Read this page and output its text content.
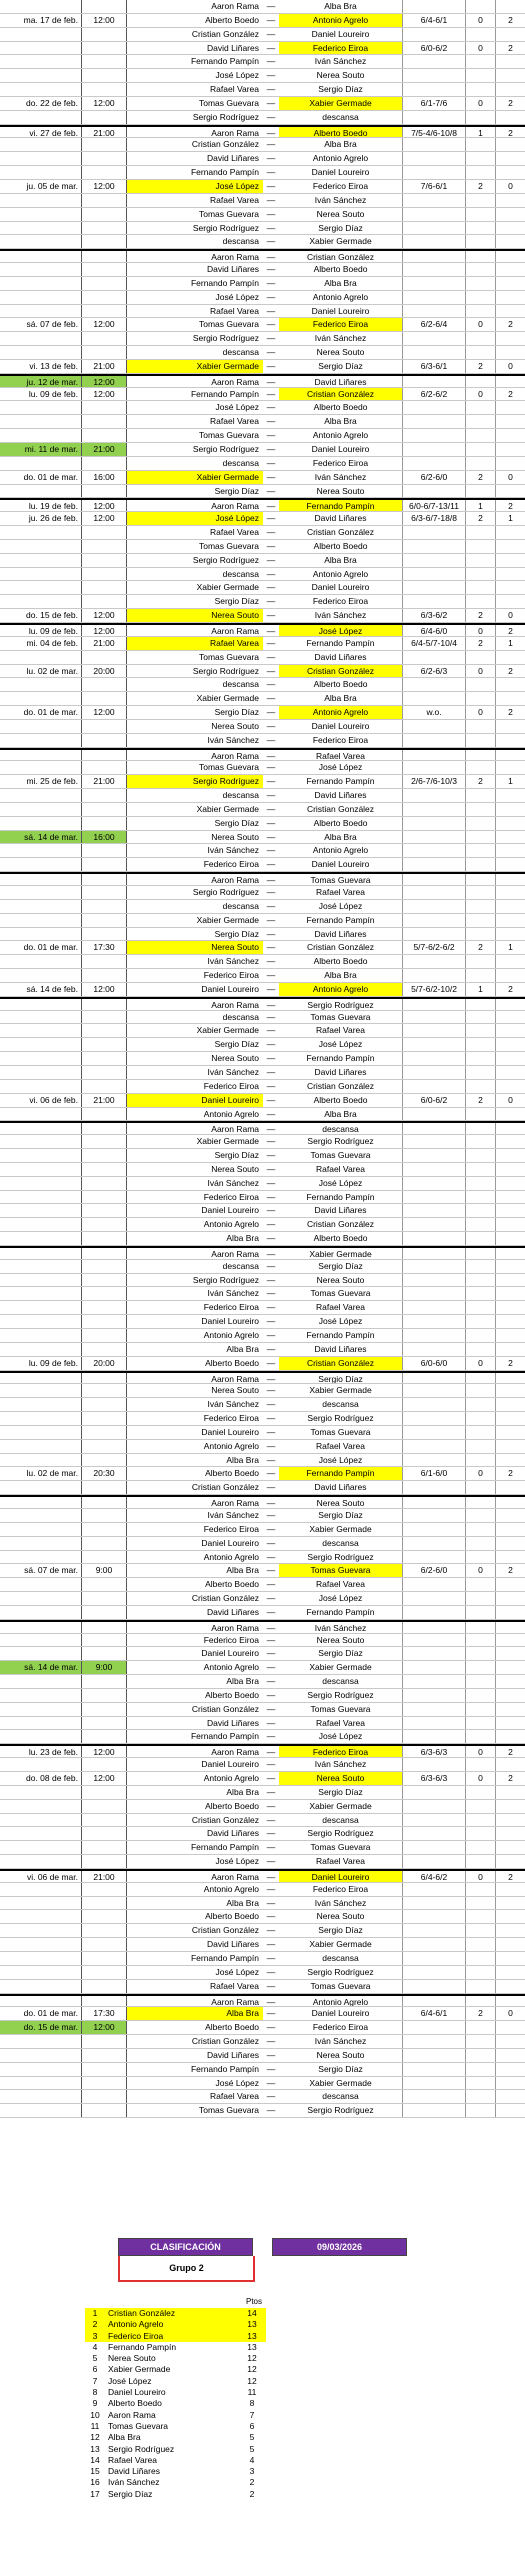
Aaron Rama —	Alba Bra
ma. 17 de feb.	12:00	Alberto Boedo —	Antonio Agrelo	6/4-6/1	0	2
Cristian González —	Daniel Loureiro
David Liñares —	Federico Eiroa	6/0-6/2	0	2
Fernando Pampín —	Iván Sánchez
José López —	Nerea Souto
Rafael Varea —	Sergio Díaz
do. 22 de feb.	12:00	Tomas Guevara —	Xabier Germade	6/1-7/6	0	2
Sergio Rodríguez —	descansa
vi. 27 de feb.	21:00	Aaron Rama —	Alberto Boedo	7/5-4/6-10/8	1	2
Cristian González —	Alba Bra
David Liñares —	Antonio Agrelo
Fernando Pampín —	Daniel Loureiro
ju. 05 de mar.	12:00	José López —	Federico Eiroa	7/6-6/1	2	0
Rafael Varea —	Iván Sánchez
Tomas Guevara —	Nerea Souto
Sergio Rodríguez —	Sergio Díaz
descansa —	Xabier Germade
Aaron Rama —	Cristian González
David Liñares —	Alberto Boedo
Fernando Pampín —	Alba Bra
José López —	Antonio Agrelo
Rafael Varea —	Daniel Loureiro
sá. 07 de feb.	12:00	Tomas Guevara —	Federico Eiroa	6/2-6/4	0	2
Sergio Rodríguez —	Iván Sánchez
descansa —	Nerea Souto
vi. 13 de feb.	21:00	Xabier Germade —	Sergio Díaz	6/3-6/1	2	0
ju. 12 de mar.	12:00	Aaron Rama —	David Liñares
lu. 09 de feb.	12:00	Fernando Pampín —	Cristian González	6/2-6/2	0	2
José López —	Alberto Boedo
Rafael Varea —	Alba Bra
Tomas Guevara —	Antonio Agrelo
mi. 11 de mar.	21:00	Sergio Rodríguez —	Daniel Loureiro
descansa —	Federico Eiroa
do. 01 de mar.	16:00	Xabier Germade —	Iván Sánchez	6/2-6/0	2	0
Sergio Díaz —	Nerea Souto
lu. 19 de feb.	12:00	Aaron Rama —	Fernando Pampín	6/0-6/7-13/11	1	2
ju. 26 de feb.	12:00	José López —	David Liñares	6/3-6/7-18/8	2	1
Rafael Varea —	Cristian González
Tomas Guevara —	Alberto Boedo
Sergio Rodríguez —	Alba Bra
descansa —	Antonio Agrelo
Xabier Germade —	Daniel Loureiro
Sergio Díaz —	Federico Eiroa
do. 15 de feb.	12:00	Nerea Souto —	Iván Sánchez	6/3-6/2	2	0
lu. 09 de feb.	12:00	Aaron Rama —	José López	6/4-6/0	0	2
mi. 04 de feb.	21:00	Rafael Varea —	Fernando Pampín	6/4-5/7-10/4	2	1
Tomas Guevara —	David Liñares
lu. 02 de mar.	20:00	Sergio Rodríguez —	Cristian González	6/2-6/3	0	2
descansa —	Alberto Boedo
Xabier Germade —	Alba Bra
do. 01 de mar.	12:00	Sergio Díaz —	Antonio Agrelo	w.o.	0	2
Nerea Souto —	Daniel Loureiro
Iván Sánchez —	Federico Eiroa
Aaron Rama —	Rafael Varea
Tomas Guevara —	José López
mi. 25 de feb.	21:00	Sergio Rodríguez —	Fernando Pampín	2/6-7/6-10/3	2	1
descansa —	David Liñares
Xabier Germade —	Cristian González
Sergio Díaz —	Alberto Boedo
sá. 14 de mar.	16:00	Nerea Souto —	Alba Bra
Iván Sánchez —	Antonio Agrelo
Federico Eiroa —	Daniel Loureiro
Aaron Rama —	Tomas Guevara
Sergio Rodríguez —	Rafael Varea
descansa —	José López
Xabier Germade —	Fernando Pampín
Sergio Díaz —	David Liñares
do. 01 de mar.	17:30	Nerea Souto —	Cristian González	5/7-6/2-6/2	2	1
Iván Sánchez —	Alberto Boedo
Federico Eiroa —	Alba Bra
sá. 14 de feb.	12:00	Daniel Loureiro —	Antonio Agrelo	5/7-6/2-10/2	1	2
Aaron Rama —	Sergio Rodríguez
descansa —	Tomas Guevara
Xabier Germade —	Rafael Varea
Sergio Díaz —	José López
Nerea Souto —	Fernando Pampín
Iván Sánchez —	David Liñares
Federico Eiroa —	Cristian González
vi. 06 de feb.	21:00	Daniel Loureiro —	Alberto Boedo	6/0-6/2	2	0
Antonio Agrelo —	Alba Bra
Aaron Rama —	descansa
Xabier Germade —	Sergio Rodríguez
Sergio Díaz —	Tomas Guevara
Nerea Souto —	Rafael Varea
Iván Sánchez —	José López
Federico Eiroa —	Fernando Pampín
Daniel Loureiro —	David Liñares
Antonio Agrelo —	Cristian González
Alba Bra —	Alberto Boedo
Aaron Rama —	Xabier Germade
descansa —	Sergio Díaz
Sergio Rodríguez —	Nerea Souto
Iván Sánchez —	Tomas Guevara
Federico Eiroa —	Rafael Varea
Daniel Loureiro —	José López
Antonio Agrelo —	Fernando Pampín
Alba Bra —	David Liñares
lu. 09 de feb.	20:00	Alberto Boedo —	Cristian González	6/0-6/0	0	2
Aaron Rama —	Sergio Díaz
Nerea Souto —	Xabier Germade
Iván Sánchez —	descansa
Federico Eiroa —	Sergio Rodríguez
Daniel Loureiro —	Tomas Guevara
Antonio Agrelo —	Rafael Varea
Alba Bra —	José López
lu. 02 de mar.	20:30	Alberto Boedo —	Fernando Pampín	6/1-6/0	0	2
Cristian González —	David Liñares
Aaron Rama —	Nerea Souto
Iván Sánchez —	Sergio Díaz
Federico Eiroa —	Xabier Germade
Daniel Loureiro —	descansa
Antonio Agrelo —	Sergio Rodríguez
sá. 07 de mar.	9:00	Alba Bra —	Tomas Guevara	6/2-6/0	0	2
Alberto Boedo —	Rafael Varea
Cristian González —	José López
David Liñares —	Fernando Pampín
Aaron Rama —	Iván Sánchez
Federico Eiroa —	Nerea Souto
Daniel Loureiro —	Sergio Díaz
sá. 14 de mar.	9:00	Antonio Agrelo —	Xabier Germade
Alba Bra —	descansa
Alberto Boedo —	Sergio Rodríguez
Cristian González —	Tomas Guevara
David Liñares —	Rafael Varea
Fernando Pampín —	José López
lu. 23 de feb.	12:00	Aaron Rama —	Federico Eiroa	6/3-6/3	0	2
Daniel Loureiro —	Iván Sánchez
do. 08 de feb.	12:00	Antonio Agrelo —	Nerea Souto	6/3-6/3	0	2
Alba Bra —	Sergio Díaz
Alberto Boedo —	Xabier Germade
Cristian González —	descansa
David Liñares —	Sergio Rodríguez
Fernando Pampín —	Tomas Guevara
José López —	Rafael Varea
vi. 06 de mar.	21:00	Aaron Rama —	Daniel Loureiro	6/4-6/2	0	2
Antonio Agrelo —	Federico Eiroa
Alba Bra —	Iván Sánchez
Alberto Boedo —	Nerea Souto
Cristian González —	Sergio Díaz
David Liñares —	Xabier Germade
Fernando Pampín —	descansa
José López —	Sergio Rodríguez
Rafael Varea —	Tomas Guevara
Aaron Rama —	Antonio Agrelo
do. 01 de mar.	17:30	Alba Bra —	Daniel Loureiro	6/4-6/1	2	0
do. 15 de mar.	12:00	Alberto Boedo —	Federico Eiroa
Cristian González —	Iván Sánchez
David Liñares —	Nerea Souto
Fernando Pampín —	Sergio Díaz
José López —	Xabier Germade
Rafael Varea —	descansa
Tomas Guevara —	Sergio Rodríguez
CLASIFICACIÓN	09/03/2026
Grupo 2
Ptos
1	Cristian González	14
2	Antonio Agrelo	13
3	Federico Eiroa	13
4	Fernando Pampín	13
5	Nerea Souto	12
6	Xabier Germade	12
7	José López	12
8	Daniel Loureiro	11
9	Alberto Boedo	8
10 Aaron Rama	7
11	Tomas Guevara	6
12 Alba Bra	5
13 Sergio Rodríguez	5
14 Rafael Varea	4
15 David Liñares	3
16 Iván Sánchez	2
17 Sergio Díaz	2
